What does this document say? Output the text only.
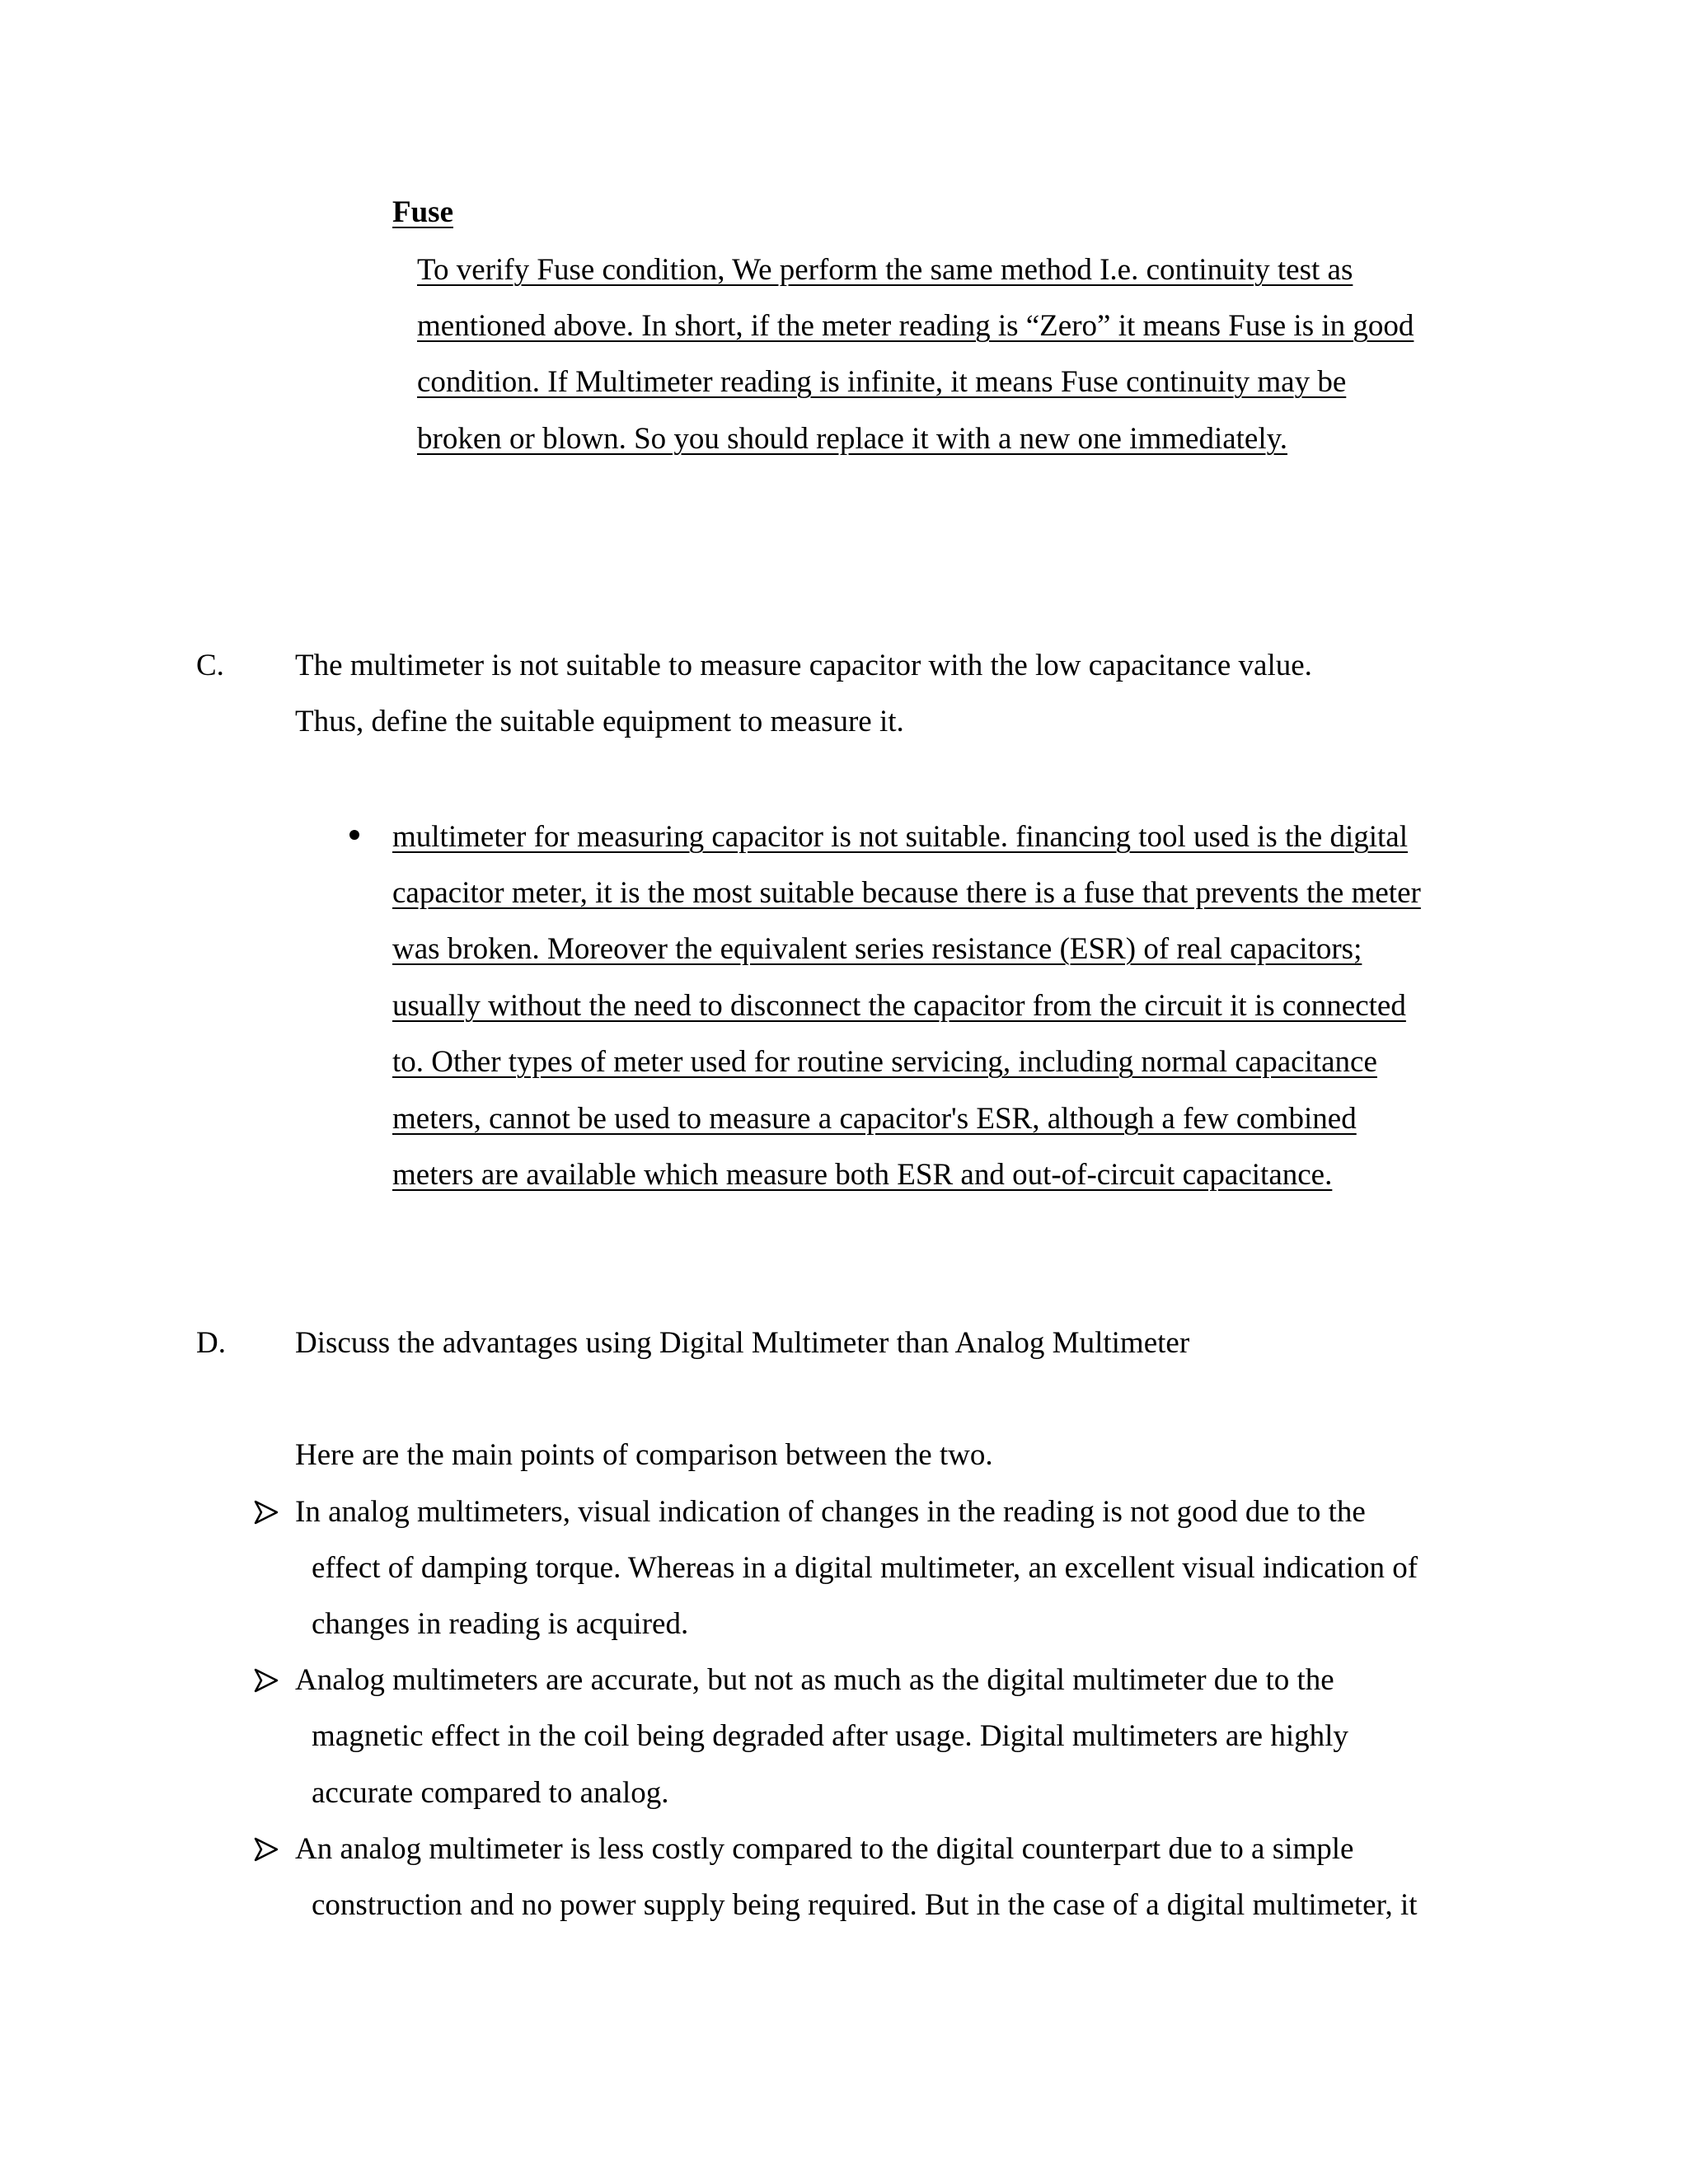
Fuse
To verify Fuse condition, We perform the same method I.e. continuity test as
mentioned above. In short, if the meter reading is “Zero” it means Fuse is in good
condition. If Multimeter reading is infinite, it means Fuse continuity may be
broken or blown. So you should replace it with a new one immediately.
C. The multimeter is not suitable to measure capacitor with the low capacitance value.
Thus, define the suitable equipment to measure it.
multimeter for measuring capacitor is not suitable. financing tool used is the digital
capacitor meter, it is the most suitable because there is a fuse that prevents the meter
was broken. Moreover the equivalent series resistance (ESR) of real capacitors;
usually without the need to disconnect the capacitor from the circuit it is connected
to. Other types of meter used for routine servicing, including normal capacitance
meters, cannot be used to measure a capacitor's ESR, although a few combined
meters are available which measure both ESR and out-of-circuit capacitance.
D. Discuss the advantages using Digital Multimeter than Analog Multimeter
Here are the main points of comparison between the two.
In analog multimeters, visual indication of changes in the reading is not good due to the
effect of damping torque. Whereas in a digital multimeter, an excellent visual indication of
changes in reading is acquired.
Analog multimeters are accurate, but not as much as the digital multimeter due to the
magnetic effect in the coil being degraded after usage. Digital multimeters are highly
accurate compared to analog.
An analog multimeter is less costly compared to the digital counterpart due to a simple
construction and no power supply being required. But in the case of a digital multimeter, it
